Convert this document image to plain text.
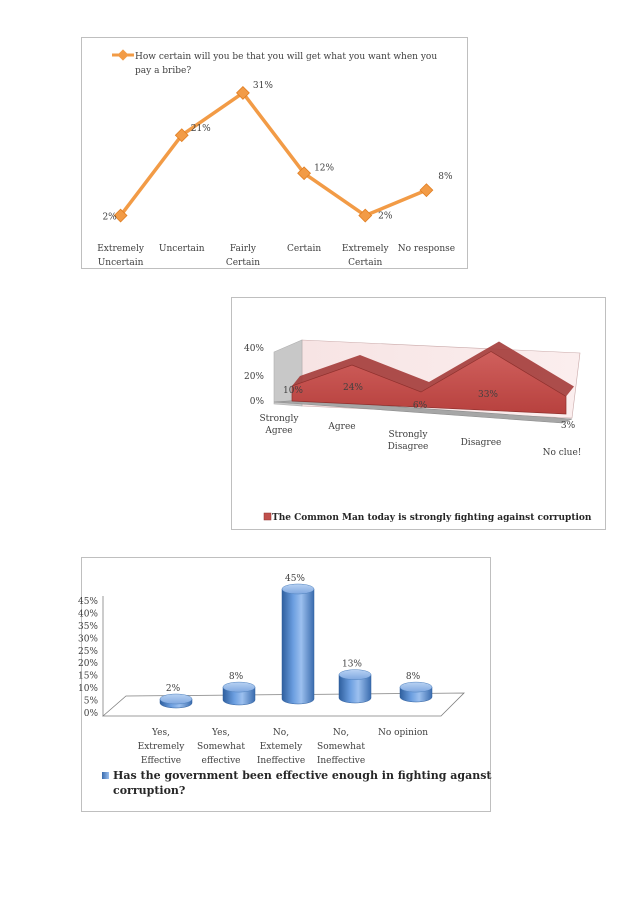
How certain will you be that you will get what you want when you
pay a bribe?
2%
21%
31%
12%
2%
8%
Extremely
Uncertain
Uncertain	Fairly
Certain
Certain Extremely
Certain
No response
0%
20%
40%
10%	24%
6%
33%
3%
Strongly
Agree	Agree
Strongly
Disagree	Disagree
No clue!
The Common Man today is strongly fighting against corruption
0%
5%
10%
15%
20%
25%
30%
35%
40%
45%
2%
8%
45%
13%
8%
Yes,
Extremely
Effective
Yes,
Somewhat
effective
No,
Extemely
Ineffective
No,
Somewhat
Ineffective
No opinion
Has the government been effective enough in fighting aganst
corruption?
